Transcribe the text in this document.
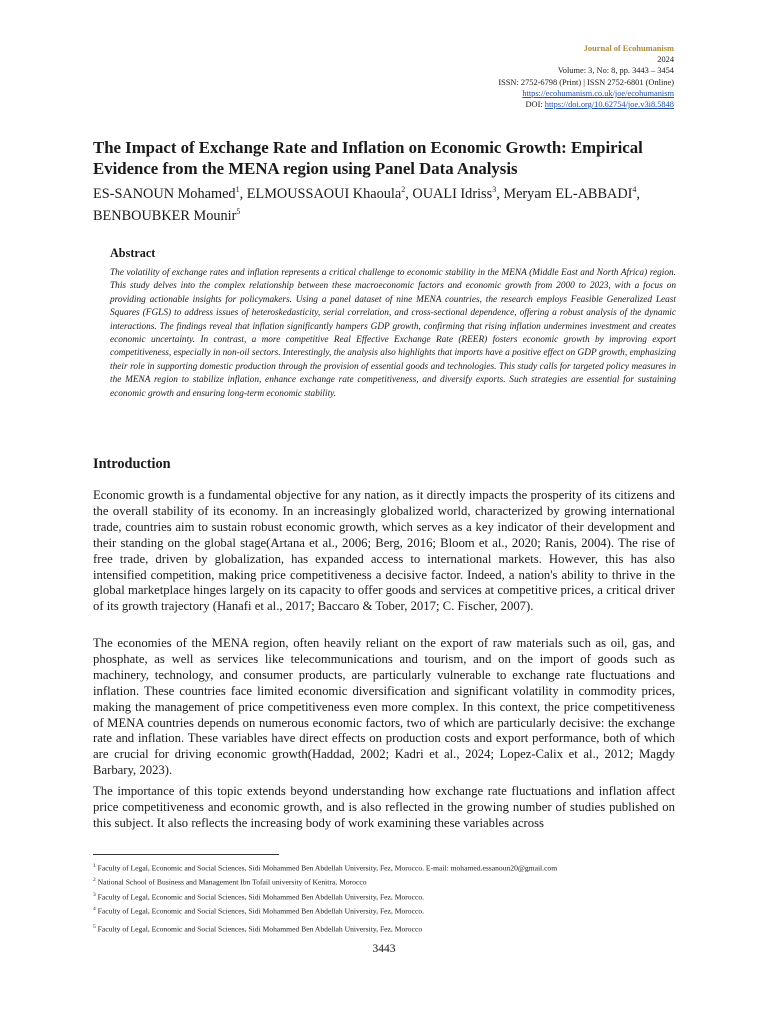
Journal of Ecohumanism
2024
Volume: 3, No: 8, pp. 3443 – 3454
ISSN: 2752-6798 (Print) | ISSN 2752-6801 (Online)
https://ecohumanism.co.uk/joe/ecohumanism
DOI: https://doi.org/10.62754/joe.v3i8.5848
The Impact of Exchange Rate and Inflation on Economic Growth: Empirical Evidence from the MENA region using Panel Data Analysis

ES-SANOUN Mohamed$^1$, ELMOUSSAOUI Khaoula$^2$, OUALI Idriss$^3$, Meryam EL-ABBADI$^4$, BENBOUBKER Mounir$^5$

Abstract

The volatility of exchange rates and inflation represents a critical challenge to economic stability in the MENA (Middle East and North Africa) region. This study delves into the complex relationship between these macroeconomic factors and economic growth from 2000 to 2023, with a focus on providing actionable insights for policymakers. Using a panel dataset of nine MENA countries, the research employs Feasible Generalized Least Squares (FGLS) to address issues of heteroskedasticity, serial correlation, and cross-sectional dependence, offering a robust analysis of the dynamic interactions. The findings reveal that inflation significantly hampers GDP growth, confirming that rising inflation undermines investment and creates economic uncertainty. In contrast, a more competitive Real Effective Exchange Rate (REER) fosters economic growth by improving export competitiveness, especially in non-oil sectors. Interestingly, the analysis also highlights that imports have a positive effect on GDP growth, emphasizing their role in supporting domestic production through the provision of essential goods and technologies. This study calls for targeted policy measures in the MENA region to stabilize inflation, enhance exchange rate competitiveness, and diversify exports. Such strategies are essential for sustaining economic growth and ensuring long-term economic stability.

Introduction

Economic growth is a fundamental objective for any nation, as it directly impacts the prosperity of its citizens and the overall stability of its economy. In an increasingly globalized world, characterized by growing international trade, countries aim to sustain robust economic growth, which serves as a key indicator of their development and their standing on the global stage(Artana et al., 2006; Berg, 2016; Bloom et al., 2020; Ranis, 2004). The rise of free trade, driven by globalization, has expanded access to international markets. However, this has also intensified competition, making price competitiveness a decisive factor. Indeed, a nation's ability to thrive in the global marketplace hinges largely on its capacity to offer goods and services at competitive prices, a critical driver of its growth trajectory (Hanafi et al., 2017; Baccaro & Tober, 2017; C. Fischer, 2007).

The economies of the MENA region, often heavily reliant on the export of raw materials such as oil, gas, and phosphate, as well as services like telecommunications and tourism, and on the import of goods such as machinery, technology, and consumer products, are particularly vulnerable to exchange rate fluctuations and inflation. These countries face limited economic diversification and significant volatility in commodity prices, making the management of price competitiveness even more complex. In this context, the price competitiveness of MENA countries depends on numerous economic factors, two of which are particularly decisive: the exchange rate and inflation. These variables have direct effects on production costs and export performance, both of which are crucial for driving economic growth(Haddad, 2002; Kadri et al., 2024; Lopez-Calix et al., 2012; Magdy Barbary, 2023).

The importance of this topic extends beyond understanding how exchange rate fluctuations and inflation affect price competitiveness and economic growth, and is also reflected in the growing number of studies published on this subject. It also reflects the increasing body of work examining these variables across

$^1$ Faculty of Legal, Economic and Social Sciences, Sidi Mohammed Ben Abdellah University, Fez, Morocco. E-mail: mohamed.essanoun20@gmail.com

$^2$ National School of Business and Management Ibn Tofail university of Kenitra, Morocco

$^3$ Faculty of Legal, Economic and Social Sciences, Sidi Mohammed Ben Abdellah University, Fez, Morocco.

$^4$ Faculty of Legal, Economic and Social Sciences, Sidi Mohammed Ben Abdellah University, Fez, Morocco.

$^5$ Faculty of Legal, Economic and Social Sciences, Sidi Mohammed Ben Abdellah University, Fez, Morocco

3443
